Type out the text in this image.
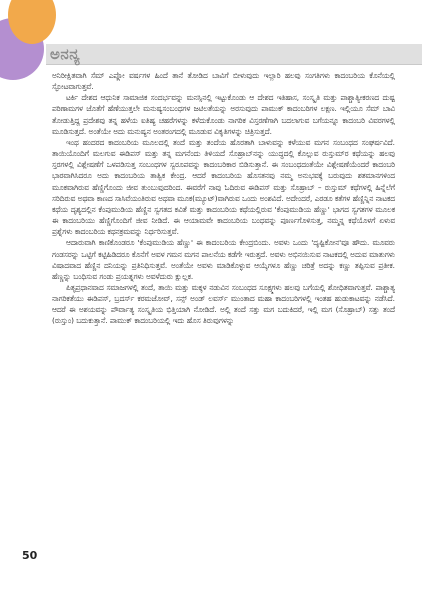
ಅನನ್ಯ

ಅನಿರೀಕ್ಷಿತವಾಗಿ ಸೆಮ್ ಎಪ್ಲೋ ವರ್ಷಗಳ ಹಿಂದೆ ತಾನೆ ತೋಡಿದ ಬಾವಿಗೆ ಬೀಳುವುದು ಇಲ್ಲಾರಿ ಹಲವು ಸಂಗತಿಗಳು ಕಾದಂಬರಿಯ ಕೊನೆಯಲ್ಲಿ ಸ್ಫೋಟವಾಗುತ್ತವೆ.

ಟರ್ಕಿ ದೇಶದ ಆಧುನಿಕ ಸಾಮಾಜಿಕ ಸಂದರ್ಭವನ್ನು ಮನಸ್ಸಿನಲ್ಲಿ ಇಟ್ಟುಕೊಂಡು ಆ ದೇಶದ ಇತಿಹಾಸ, ಸಂಸ್ಕೃತಿ ಮತ್ತು ಪಾಶ್ಚಾತ್ಯೀಕರಣದ ದುಷ್ಟ ಪರಿಣಾಮಗಳ ಜೊತೆಗೆ ಹೆಣೆಯುತ್ತಲೇ ಮನುಷ್ಯಸಂಬಂಧಗಳ ಜಟಿಲತೆಯನ್ನು ಅರಸುವುದು ಪಾಮುಕ್ ಕಾದಂಬರಿಗಳ ಲಕ್ಷಣ. ಇಲ್ಲಿಯೂ ಸೆಮ್ ಬಾವಿ ತೋಡುತ್ತಿದ್ದ ಪ್ರದೇಶವು ತನ್ನ ಹಳೆಯ ಐತಿಹ್ಯ ಚಹರೆಗಳನ್ನು ಕಳೆದುಕೊಂಡು ನಾಗರಿಕ ವಿಸ್ತರಣೆಗಾಗಿ ಬದಲಾಗುವ ಬಗೆಯನ್ನೂ ಕಾದಂಬರಿ ವಿವರಗಳಲ್ಲಿ ಮೂಡಿಸುತ್ತದೆ. ಅಂತೆಯೇ ಅದು ಮನುಷ್ಯನ ಅಂತರಂಗದಲ್ಲಿ ಮೂಡುವ ವಿಕೃತಿಗಳನ್ನು ಚಿತ್ರಿಸುತ್ತದೆ.

ಇಂಥ ಹಂದರದ ಕಾದಂಬರಿಯ ಮೂಲದಲ್ಲಿ ತಂದೆ ಮತ್ತು ತಂದೆಯ ಹೊರತಾಗಿ ಬಾಳುವನ್ನು ಕಳೆಯುವ ಮಗನ ಸಂಬಂಧದ ಸಂಘರ್ಷವಿದೆ. ತಾಯಿಯೊಂದಿಗೆ ಮಲಗುವ ಈಡಿಪಸ್ ಮತ್ತು ತನ್ನ ಮಗನೆಂದು ತಿಳಿಯದೆ ಸೊಹ್ರಾಬ್‌ನನ್ನು ಯುದ್ಧದಲ್ಲಿ ಕೊಲ್ಲುವ ರುಸ್ತುಮ್‌ರ ಕಥೆಯನ್ನು ಹಲವು ಸ್ತರಗಳಲ್ಲಿ ವಿಶ್ಲೇಷಣೆಗೆ ಒಳಪಡಿಸುತ್ತ ಸಂಬಂಧಗಳ ಸ್ವರೂಪವನ್ನು ಕಾದಂಬರಿಕಾರ ಬಿಡಿಸುತ್ತಾನೆ. ಈ ಸಂಬಂಧದಂತೆಯೇ ವಿಶ್ಲೇಷಣೆಯೆಂದರೆ ಕಾದಂಬರಿ ಭಾರವಾಗಿಸಿದರೂ ಅದು ಕಾದಂಬರಿಯ ತಾತ್ವಿಕ ಕೇಂದ್ರ. ಆದರೆ ಕಾದಂಬರಿಯ ಹೊಸತನವು ನಮ್ಮ ಅನುಭವಕ್ಕೆ ಬರುವುದು ಶತಮಾನಗಳಿಂದ ಮೂಕವಾಗಿರುವ ಹೆಣ್ಣಿಗೊಂದು ಜೀವ ತುಂಬುವುದರಿಂದ. ಈವರೆಗೆ ನಾವು ಓದಿರುವ ಈಡಿಪಸ್ ಮತ್ತು ಸೊಹ್ರಾಬ್ – ರುಸ್ತುಮ್ ಕಥೆಗಳಲ್ಲಿ ಹಿನ್ನೆಲೆಗೆ ಸರಿದಿರುವ ಅಥವಾ ಕಾಣದ ಸಾಸಿವೆಯಂತಿರುವ ಅಥವಾ ಮೂಕ(ಮ್ಯೂಟ್)ವಾಗಿರುವ ಒಂದು ಅಂಶವಿದೆ. ಅದೇಂದರೆ, ಎರಡೂ ಕತೆಗಳ ಹೆಣ್ಣಿನ್ನಿನ ನಾಟಕದ ಕಥೆಯ ದೃಶ್ಯದಲ್ಲಿನ ಕೆಂಪುಮುಡಿಯ ಹೆಣ್ಣಿನ ಸ್ವಗತದ ಕವಿತೆ ಮತ್ತು ಕಾದಂಬರಿಯ ಕಥೆಯಲ್ಲಿರುವ 'ಕೆಂಪುಮುಡಿಯ ಹೆಣ್ಣು' ಭಾಗದ ಸ್ವಗತಗಳ ಮೂಲಕ ಈ ಕಾದಂಬರಿಯು ಹೆಣ್ಣಿಗೊಂದಿಗೆ ಜೀವ ನೀಡಿದೆ. ಈ ಆಯಾಮವೇ ಕಾದಂಬರಿಯ ಬಂಧವನ್ನು ಪೂರ್ಣಗೊಳಿಸುತ್ತ, ನಮ್ಮನ್ನ ಕಥೆಯೊಳಗೆ ಏಳುವ ಪ್ರಶ್ನೆಗಳು ಕಾದಂಬರಿಯ ಕಥನಕ್ರಮವನ್ನು ನಿರ್ಧರಿಸುತ್ತವೆ.

ಆದಾರುವಾಗಿ ಕಾಣಿಕೊಂಡರೂ 'ಕೆಂಪುಮುಡಿಯ ಹೆಣ್ಣು' ಈ ಕಾದಂಬರಿಯ ಕೇಂದ್ರಬಿಂದು. ಅವಳು ಒಂದು 'ದೃಷ್ಟಿಕೋನ'ವೂ ಹೌದು. ಮೂವರು ಗಂಡಸರನ್ನು ಒಟ್ಟಿಗೆ ಕಟ್ಟಿಹಿಡಿದರೂ ಕೊನೆಗೆ ಅವಳ ಗಮನ ಮಗನ ಪಾಲನೆಯ ಕಡೆಗೇ ಇರುತ್ತದೆ. ಅವಳು ಅಭಿನಯಿಸುವ ನಾಟಕದಲ್ಲಿ ಅದುವ ಮಾತುಗಳು ವಿಷಾದವಾದ ಹೆಣ್ಣಿನ ದನಿಯನ್ನು ಪ್ರತಿನಿಧಿಸುತ್ತವೆ. ಅಂತೆಯೇ ಅವಳು ಮಾಡಿಕೊಳ್ಳುವ ಆಯ್ಕೆಗಳೂ ಹೆಣ್ಣು ಚರಿತ್ರೆ ಅದನ್ನು ಕಣ್ಣು ತಪ್ಪಿಸುವ ಪ್ರತೀಕ. ಹೆಣ್ಣನ್ನು ಬಂಧಿಸುವ ಗಂಡು ಪ್ರಯತ್ನಗಳು ಅವಳೆದುರು ಕ್ಷುಲ್ಲಕ.

ಪಿತೃಪ್ರಧಾನವಾದ ಸಮಾಜಗಳಲ್ಲಿ ತಂದೆ, ತಾಯಿ ಮತ್ತು ಮಕ್ಕಳ ನಡುವಿನ ಸಂಬಂಧದ ಸೂಕ್ಷ್ಮಗಳು ಹಲವು ಬಗೆಯಲ್ಲಿ ಶೋಧಿತವಾಗುತ್ತವೆ. ಪಾಶ್ಚಾತ್ಯ ನಾಗರಿಕತೆಯು ಈಡಿಪಸ್, ಬ್ರದರ್ಸ್ ಕರಮಜೋವ್, ಸನ್ಸ್ ಅಂಡ್ ಲವರ್ಸ್ ಮುಂತಾದ ಮಹಾ ಕಾದಂಬರಿಗಳಲ್ಲಿ ಇಂತಹ ಹುಡುಕಾಟವನ್ನು ನಡೆಸಿದೆ. ಆದರೆ ಈ ಅಶಯವನ್ನು ಪೌರ್ವಾತ್ಯ ಸಂಸ್ಕೃತಿಯ ಭಿತ್ತಿಯಾಗಿ ನೋಡಿದೆ. ಅಲ್ಲಿ ತಂದೆ ಸತ್ತು ಮಗ ಬದುಕಿದರೆ, ಇಲ್ಲಿ ಮಗ (ಸೊಹ್ರಾಬ್) ಸತ್ತು ತಂದೆ (ರುಸ್ತುಂ) ಬದುಕುತ್ತಾನೆ. ಪಾಮುಕ್ ಕಾದಂಬರಿಯಲ್ಲಿ ಇದು ಹೊಸ ತಿರುವುಗಳನ್ನು

50
